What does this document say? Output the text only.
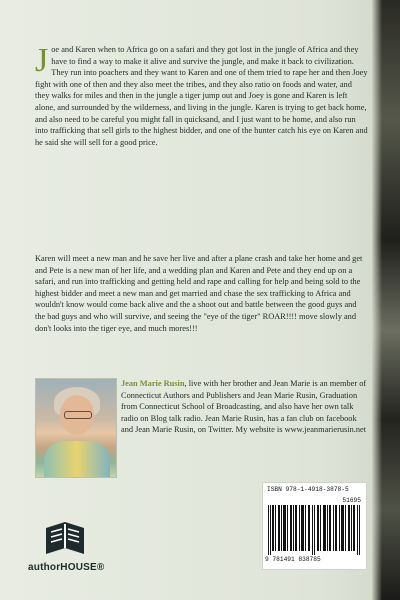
J oe and Karen when to Africa go on a safari and they got lost in the jungle of Africa and they have to find a way to make it alive and survive the jungle, and make it back to civilization. They run into poachers and they want to Karen and one of them tried to rape her and then Joey fight with one of then and they also meet the tribes, and they also ratio on foods and water, and they walks for miles and then in the jungle a tiger jump out and Joey is gone and Karen is left alone, and surrounded by the wilderness, and living in the jungle. Karen is trying to get back home, and also need to be careful you might fall in quicksand, and I just want to be home, and also run into trafficking that sell girls to the highest bidder, and one of the hunter catch his eye on Karen and he said she will sell for a good price.
Karen will meet a new man and he save her live and after a plane crash and take her home and get and Pete is a new man of her life, and a wedding plan and Karen and Pete and they end up on a safari, and run into trafficking and getting held and rape and calling for help and being sold to the highest bidder and meet a new man and get married and chase the sex trafficking to Africa and wouldn't know would come back alive and the a shoot out and battle between the good guys and the bad guys and who will survive, and seeing the "eye of the tiger" ROAR!!!! move slowly and don't looks into the tiger eye, and much mores!!!
Jean Marie Rusin, live with her brother and Jean Marie is an member of Connecticut Authors and Publishers and Jean Marie Rusin, Graduation from Connecticut School of Broadcasting, and also have her own talk radio on Blog talk radio. Jean Marie Rusin, has a fan club on facebook and Jean Marie Rusin, on Twitter. My website is www.jeanmarierusin.net
authorHOUSE®
ISBN 978-1-4918-3878-5
51695
9 781491 838785
